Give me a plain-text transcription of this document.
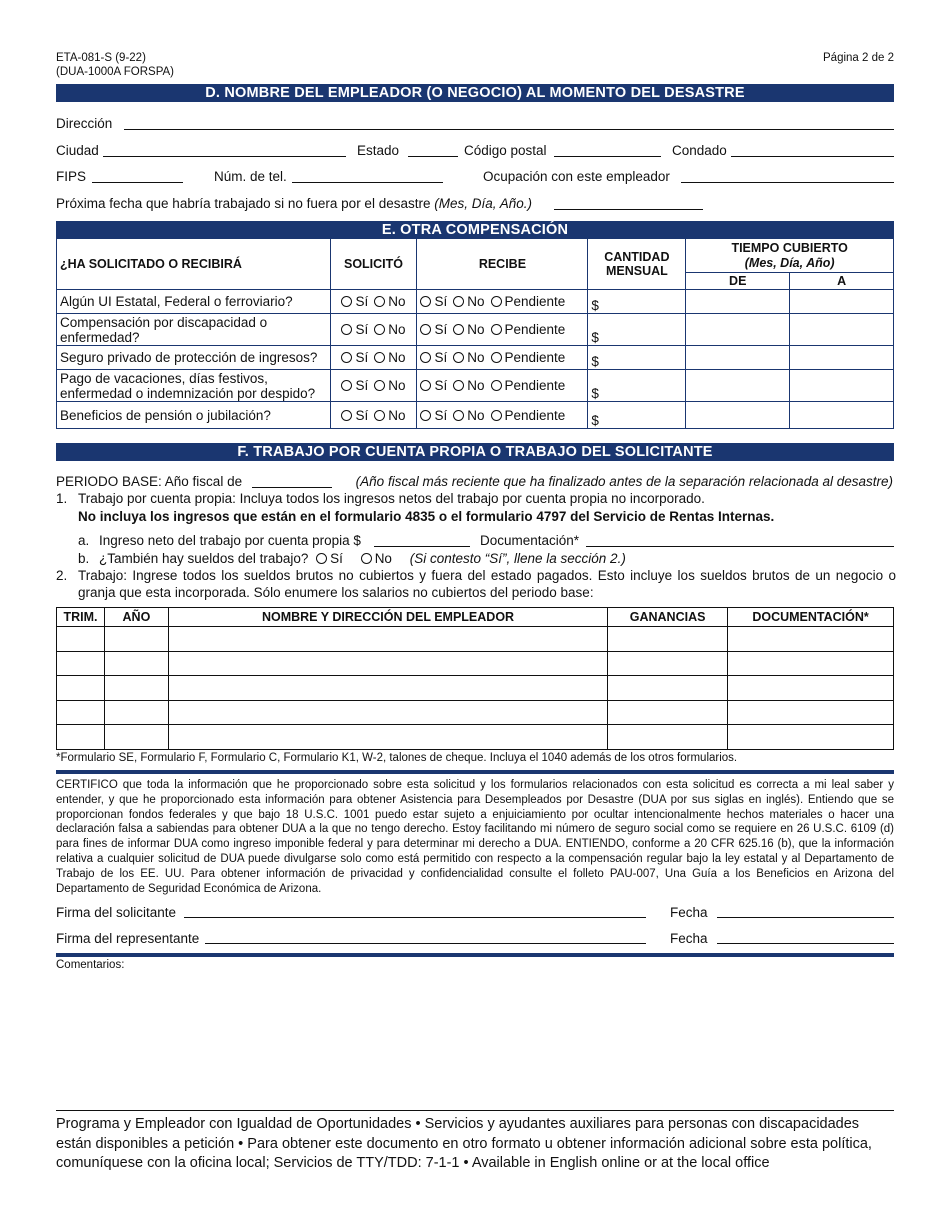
ETA-081-S (9-22)
(DUA-1000A FORSPA)
Página 2 de 2
D. NOMBRE DEL EMPLEADOR (O NEGOCIO) AL MOMENTO DEL DESASTRE
Dirección
Ciudad	Estado	Código postal	Condado
FIPS	Núm. de tel.	Ocupación con este empleador
Próxima fecha que habría trabajado si no fuera por el desastre (Mes, Día, Año.)
E. OTRA COMPENSACIÓN
¿HA SOLICITADO O RECIBIRÁ	SOLICITÓ	RECIBE	CANTIDAD MENSUAL	TIEMPO CUBIERTO
(Mes, Día, Año)	
				DE	A
Algún UI Estatal, Federal o ferroviario?	Sí No	Sí No Pendiente	$		
Compensación por discapacidad o enfermedad?	Sí No	Sí No Pendiente	$		
Seguro privado de protección de ingresos?	Sí No	Sí No Pendiente	$		
Pago de vacaciones, días festivos, enfermedad o indemnización por despido?	Sí No	Sí No Pendiente	$		
Beneficios de pensión o jubilación?	Sí No	Sí No Pendiente	$		
F. TRABAJO POR CUENTA PROPIA O TRABAJO DEL SOLICITANTE
PERIODO BASE: Año fiscal de	(Año fiscal más reciente que ha finalizado antes de la separación relacionada al desastre)
1. Trabajo por cuenta propia: Incluya todos los ingresos netos del trabajo por cuenta propia no incorporado.
No incluya los ingresos que están en el formulario 4835 o el formulario 4797 del Servicio de Rentas Internas.
a. Ingreso neto del trabajo por cuenta propia $	Documentación*
b. ¿También hay sueldos del trabajo? Sí No (Si contesto “Sí”, llene la sección 2.)
2. Trabajo: Ingrese todos los sueldos brutos no cubiertos y fuera del estado pagados. Esto incluye los sueldos brutos de un negocio o granja que esta incorporada. Sólo enumere los salarios no cubiertos del periodo base:
TRIM.	AÑO	NOMBRE Y DIRECCIÓN DEL EMPLEADOR	GANANCIAS	DOCUMENTACIÓN*

*Formulario SE, Formulario F, Formulario C, Formulario K1, W-2, talones de cheque. Incluya el 1040 además de los otros formularios.
CERTIFICO que toda la información que he proporcionado sobre esta solicitud y los formularios relacionados con esta solicitud es correcta a mi leal saber y entender, y que he proporcionado esta información para obtener Asistencia para Desempleados por Desastre (DUA por sus siglas en inglés). Entiendo que se proporcionan fondos federales y que bajo 18 U.S.C. 1001 puedo estar sujeto a enjuiciamiento por ocultar intencionalmente hechos materiales o hacer una declaración falsa a sabiendas para obtener DUA a la que no tengo derecho. Estoy facilitando mi número de seguro social como se requiere en 26 U.S.C. 6109 (d) para fines de informar DUA como ingreso imponible federal y para determinar mi derecho a DUA. ENTIENDO, conforme a 20 CFR 625.16 (b), que la información relativa a cualquier solicitud de DUA puede divulgarse solo como está permitido con respecto a la compensación regular bajo la ley estatal y al Departamento de Trabajo de los EE. UU. Para obtener información de privacidad y confidencialidad consulte el folleto PAU-007, Una Guía a los Beneficios en Arizona del Departamento de Seguridad Económica de Arizona.
Firma del solicitante	Fecha
Firma del representante	Fecha
Comentarios:
Programa y Empleador con Igualdad de Oportunidades • Servicios y ayudantes auxiliares para personas con discapacidades están disponibles a petición • Para obtener este documento en otro formato u obtener información adicional sobre esta política, comuníquese con la oficina local; Servicios de TTY/TDD: 7-1-1 • Available in English online or at the local office
